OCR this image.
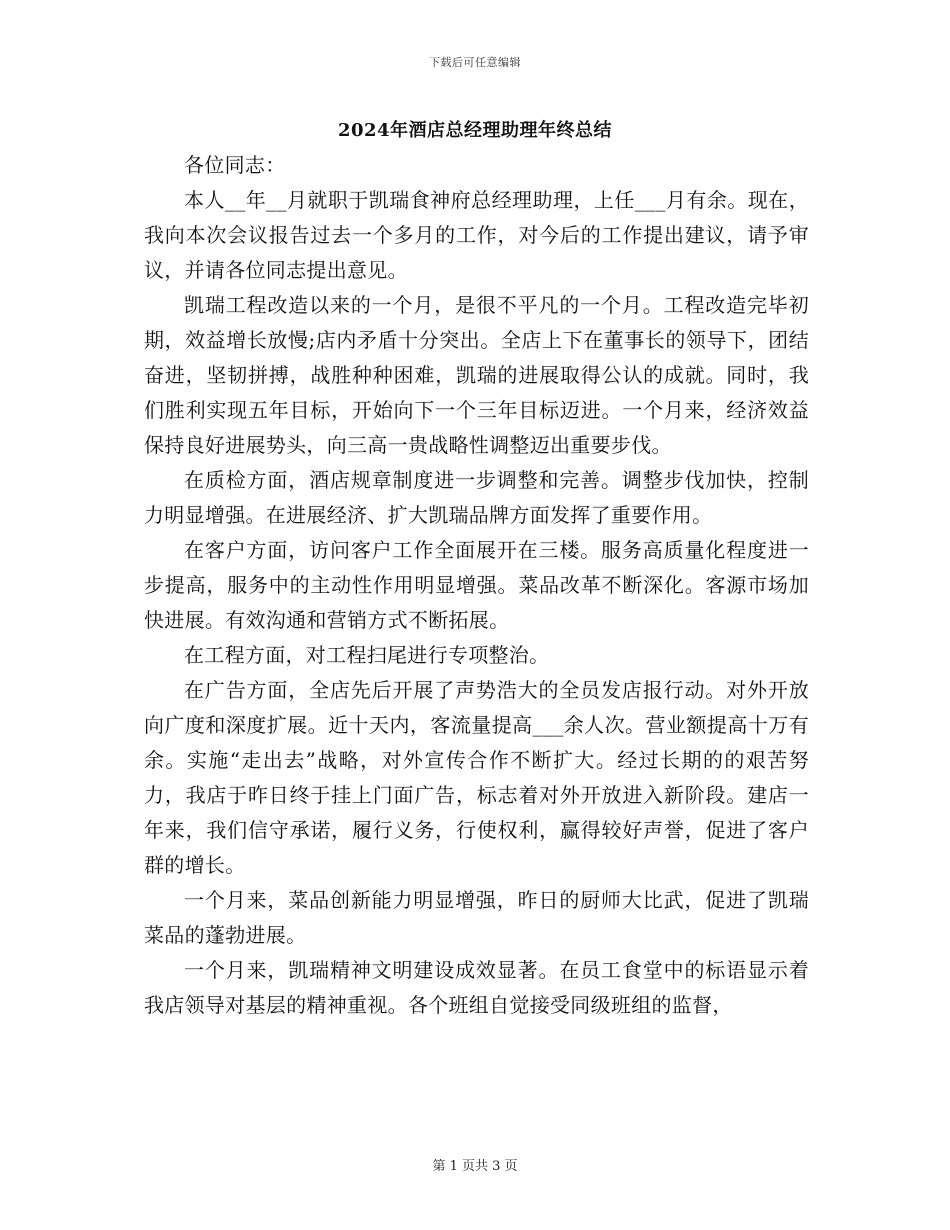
下载后可任意编辑
2024年酒店总经理助理年终总结

各位同志：

本人__年__月就职于凯瑞食神府总经理助理，上任___月有余。现在，我向本次会议报告过去一个多月的工作，对今后的工作提出建议，请予审议，并请各位同志提出意见。

凯瑞工程改造以来的一个月，是很不平凡的一个月。工程改造完毕初期，效益增长放慢;店内矛盾十分突出。全店上下在董事长的领导下，团结奋进，坚韧拼搏，战胜种种困难，凯瑞的进展取得公认的成就。同时，我们胜利实现五年目标，开始向下一个三年目标迈进。一个月来，经济效益保持良好进展势头，向三高一贵战略性调整迈出重要步伐。

在质检方面，酒店规章制度进一步调整和完善。调整步伐加快，控制力明显增强。在进展经济、扩大凯瑞品牌方面发挥了重要作用。

在客户方面，访问客户工作全面展开在三楼。服务高质量化程度进一步提高，服务中的主动性作用明显增强。菜品改革不断深化。客源市场加快进展。有效沟通和营销方式不断拓展。

在工程方面，对工程扫尾进行专项整治。

在广告方面，全店先后开展了声势浩大的全员发店报行动。对外开放向广度和深度扩展。近十天内，客流量提高___余人次。营业额提高十万有余。实施“走出去”战略，对外宣传合作不断扩大。经过长期的的艰苦努力，我店于昨日终于挂上门面广告，标志着对外开放进入新阶段。建店一年来，我们信守承诺，履行义务，行使权利，赢得较好声誉，促进了客户群的增长。

一个月来，菜品创新能力明显增强，昨日的厨师大比武，促进了凯瑞菜品的蓬勃进展。

一个月来，凯瑞精神文明建设成效显著。在员工食堂中的标语显示着我店领导对基层的精神重视。各个班组自觉接受同级班组的监督，

第 1 页共 3 页
